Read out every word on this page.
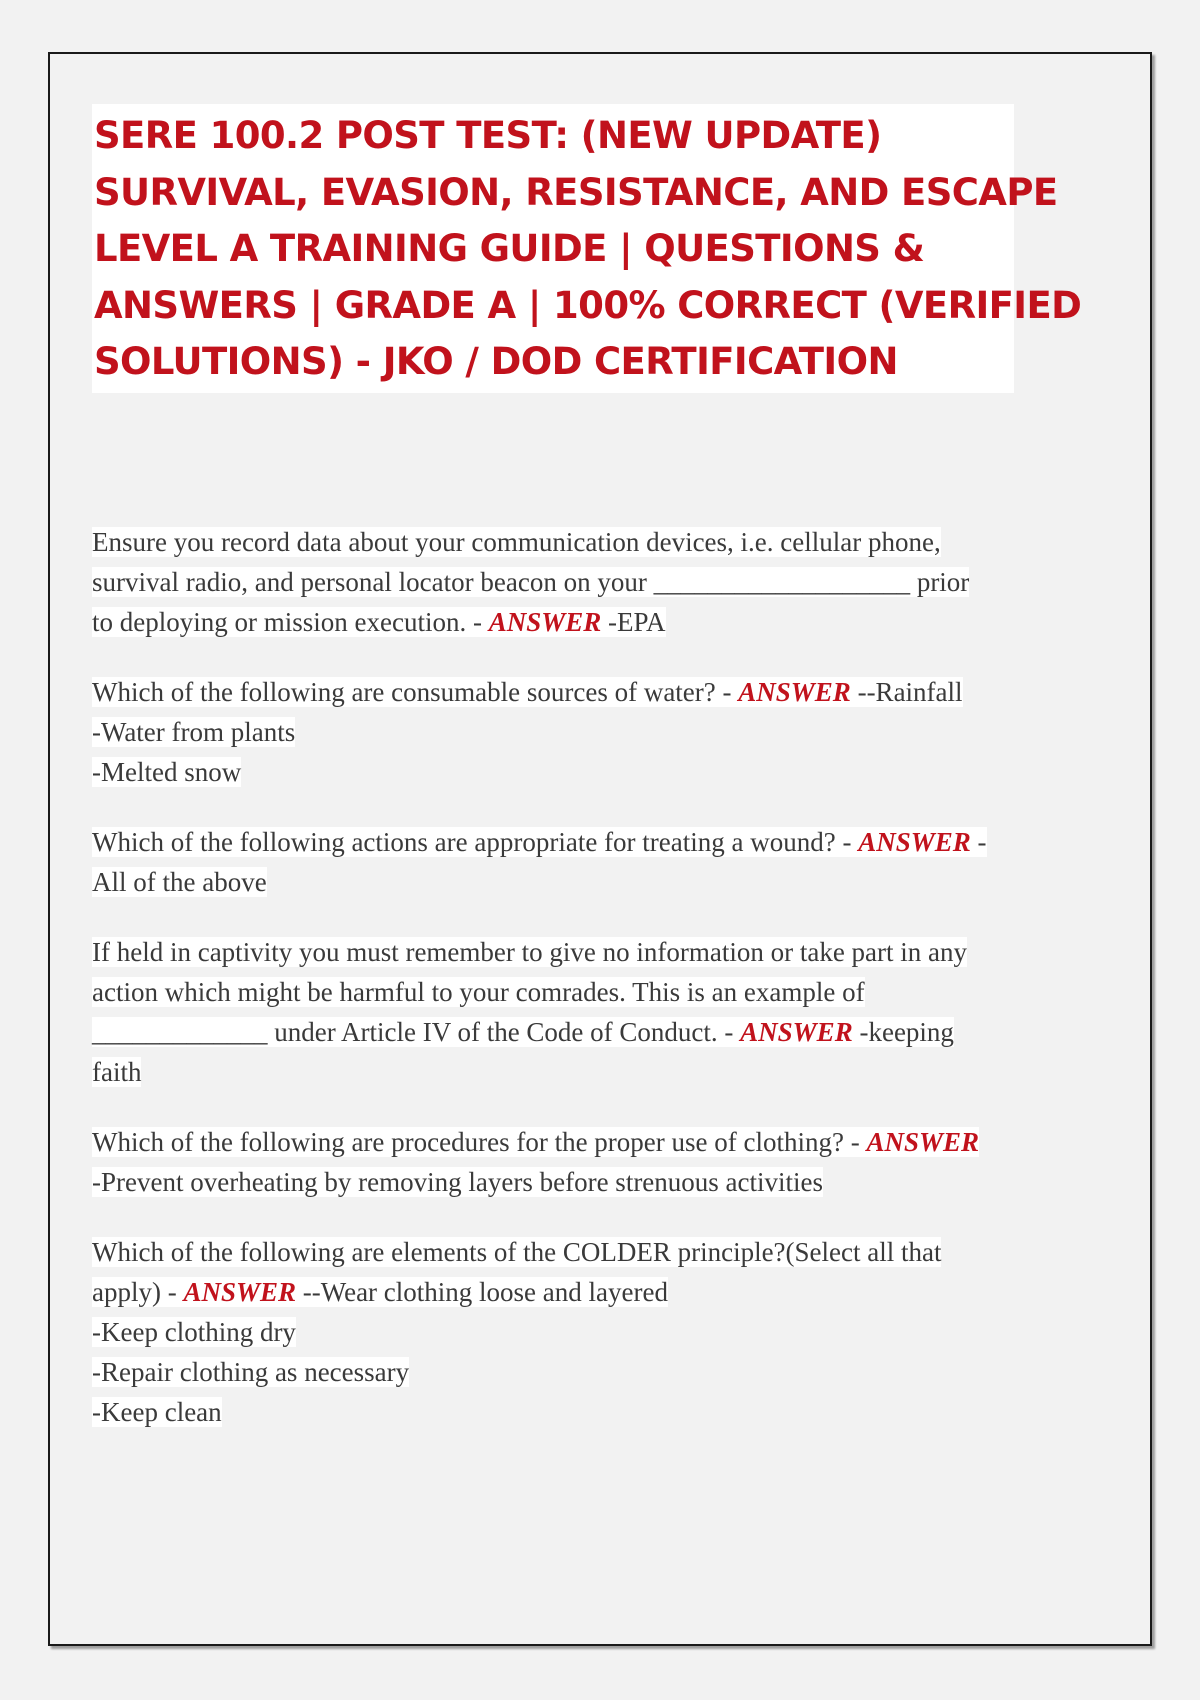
SERE 100.2 POST TEST: (NEW UPDATE)
SURVIVAL, EVASION, RESISTANCE, AND ESCAPE
LEVEL A TRAINING GUIDE | QUESTIONS &
ANSWERS | GRADE A | 100% CORRECT (VERIFIED
SOLUTIONS) - JKO / DOD CERTIFICATION
Ensure you record data about your communication devices, i.e. cellular phone,
survival radio, and personal locator beacon on your ___________________ prior
to deploying or mission execution. - ANSWER -EPA
Which of the following are consumable sources of water? - ANSWER --Rainfall
-Water from plants
-Melted snow
Which of the following actions are appropriate for treating a wound? - ANSWER -
All of the above
If held in captivity you must remember to give no information or take part in any
action which might be harmful to your comrades. This is an example of
_____________ under Article IV of the Code of Conduct. - ANSWER -keeping
faith
Which of the following are procedures for the proper use of clothing? - ANSWER
-Prevent overheating by removing layers before strenuous activities
Which of the following are elements of the COLDER principle?(Select all that
apply) - ANSWER --Wear clothing loose and layered
-Keep clothing dry
-Repair clothing as necessary
-Keep clean
